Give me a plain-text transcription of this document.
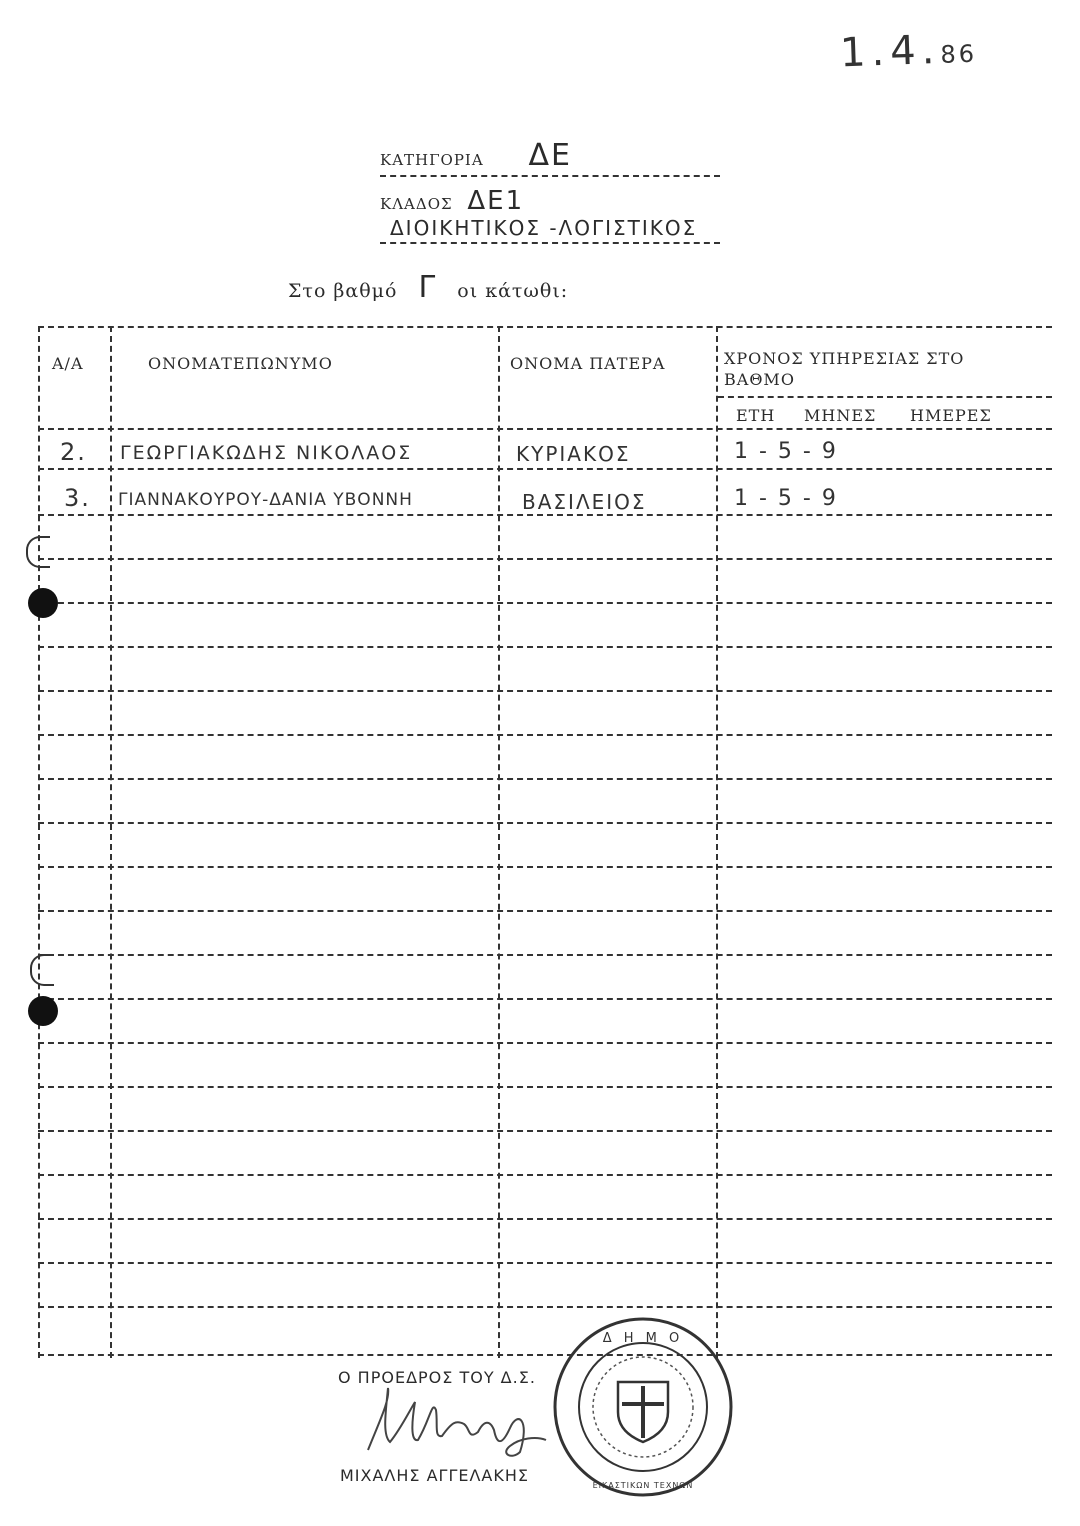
1.4.86
ΚΑΤΗΓΟΡΙΑ ΔΕ
ΚΛΑΔΟΣ ΔΕ1 ΔΙΟΙΚΗΤΙΚΟΣ -ΛΟΓΙΣΤΙΚΟΣ
Στο βαθμό Γ οι κάτωθι:
Α/Α	ΟΝΟΜΑΤΕΠΩΝΥΜΟ	ΟΝΟΜΑ ΠΑΤΕΡΑ	ΧΡΟΝΟΣ ΥΠΗΡΕΣΙΑΣ ΣΤΟ ΒΑΘΜΟ
ΕΤΗ ΜΗΝΕΣ ΗΜΕΡΕΣ
2. ΓΕΩΡΓΙΑΚΩΔΗΣ ΝΙΚΟΛΑΟΣ	ΚΥΡΙΑΚΟΣ	1 - 5 - 9
3. ΓΙΑΝΝΑΚΟΥΡΟΥ-ΔΑΝΙΑ ΥΒΟΝΝΗ	ΒΑΣΙΛΕΙΟΣ	1 - 5 - 9
Ο ΠΡΟΕΔΡΟΣ ΤΟΥ Δ.Σ.
ΜΙΧΑΛΗΣ ΑΓΓΕΛΑΚΗΣ
Δ Η Μ Ο
ΕΙΚΑΣΤΙΚΩΝ ΤΕΧΝΩΝ
